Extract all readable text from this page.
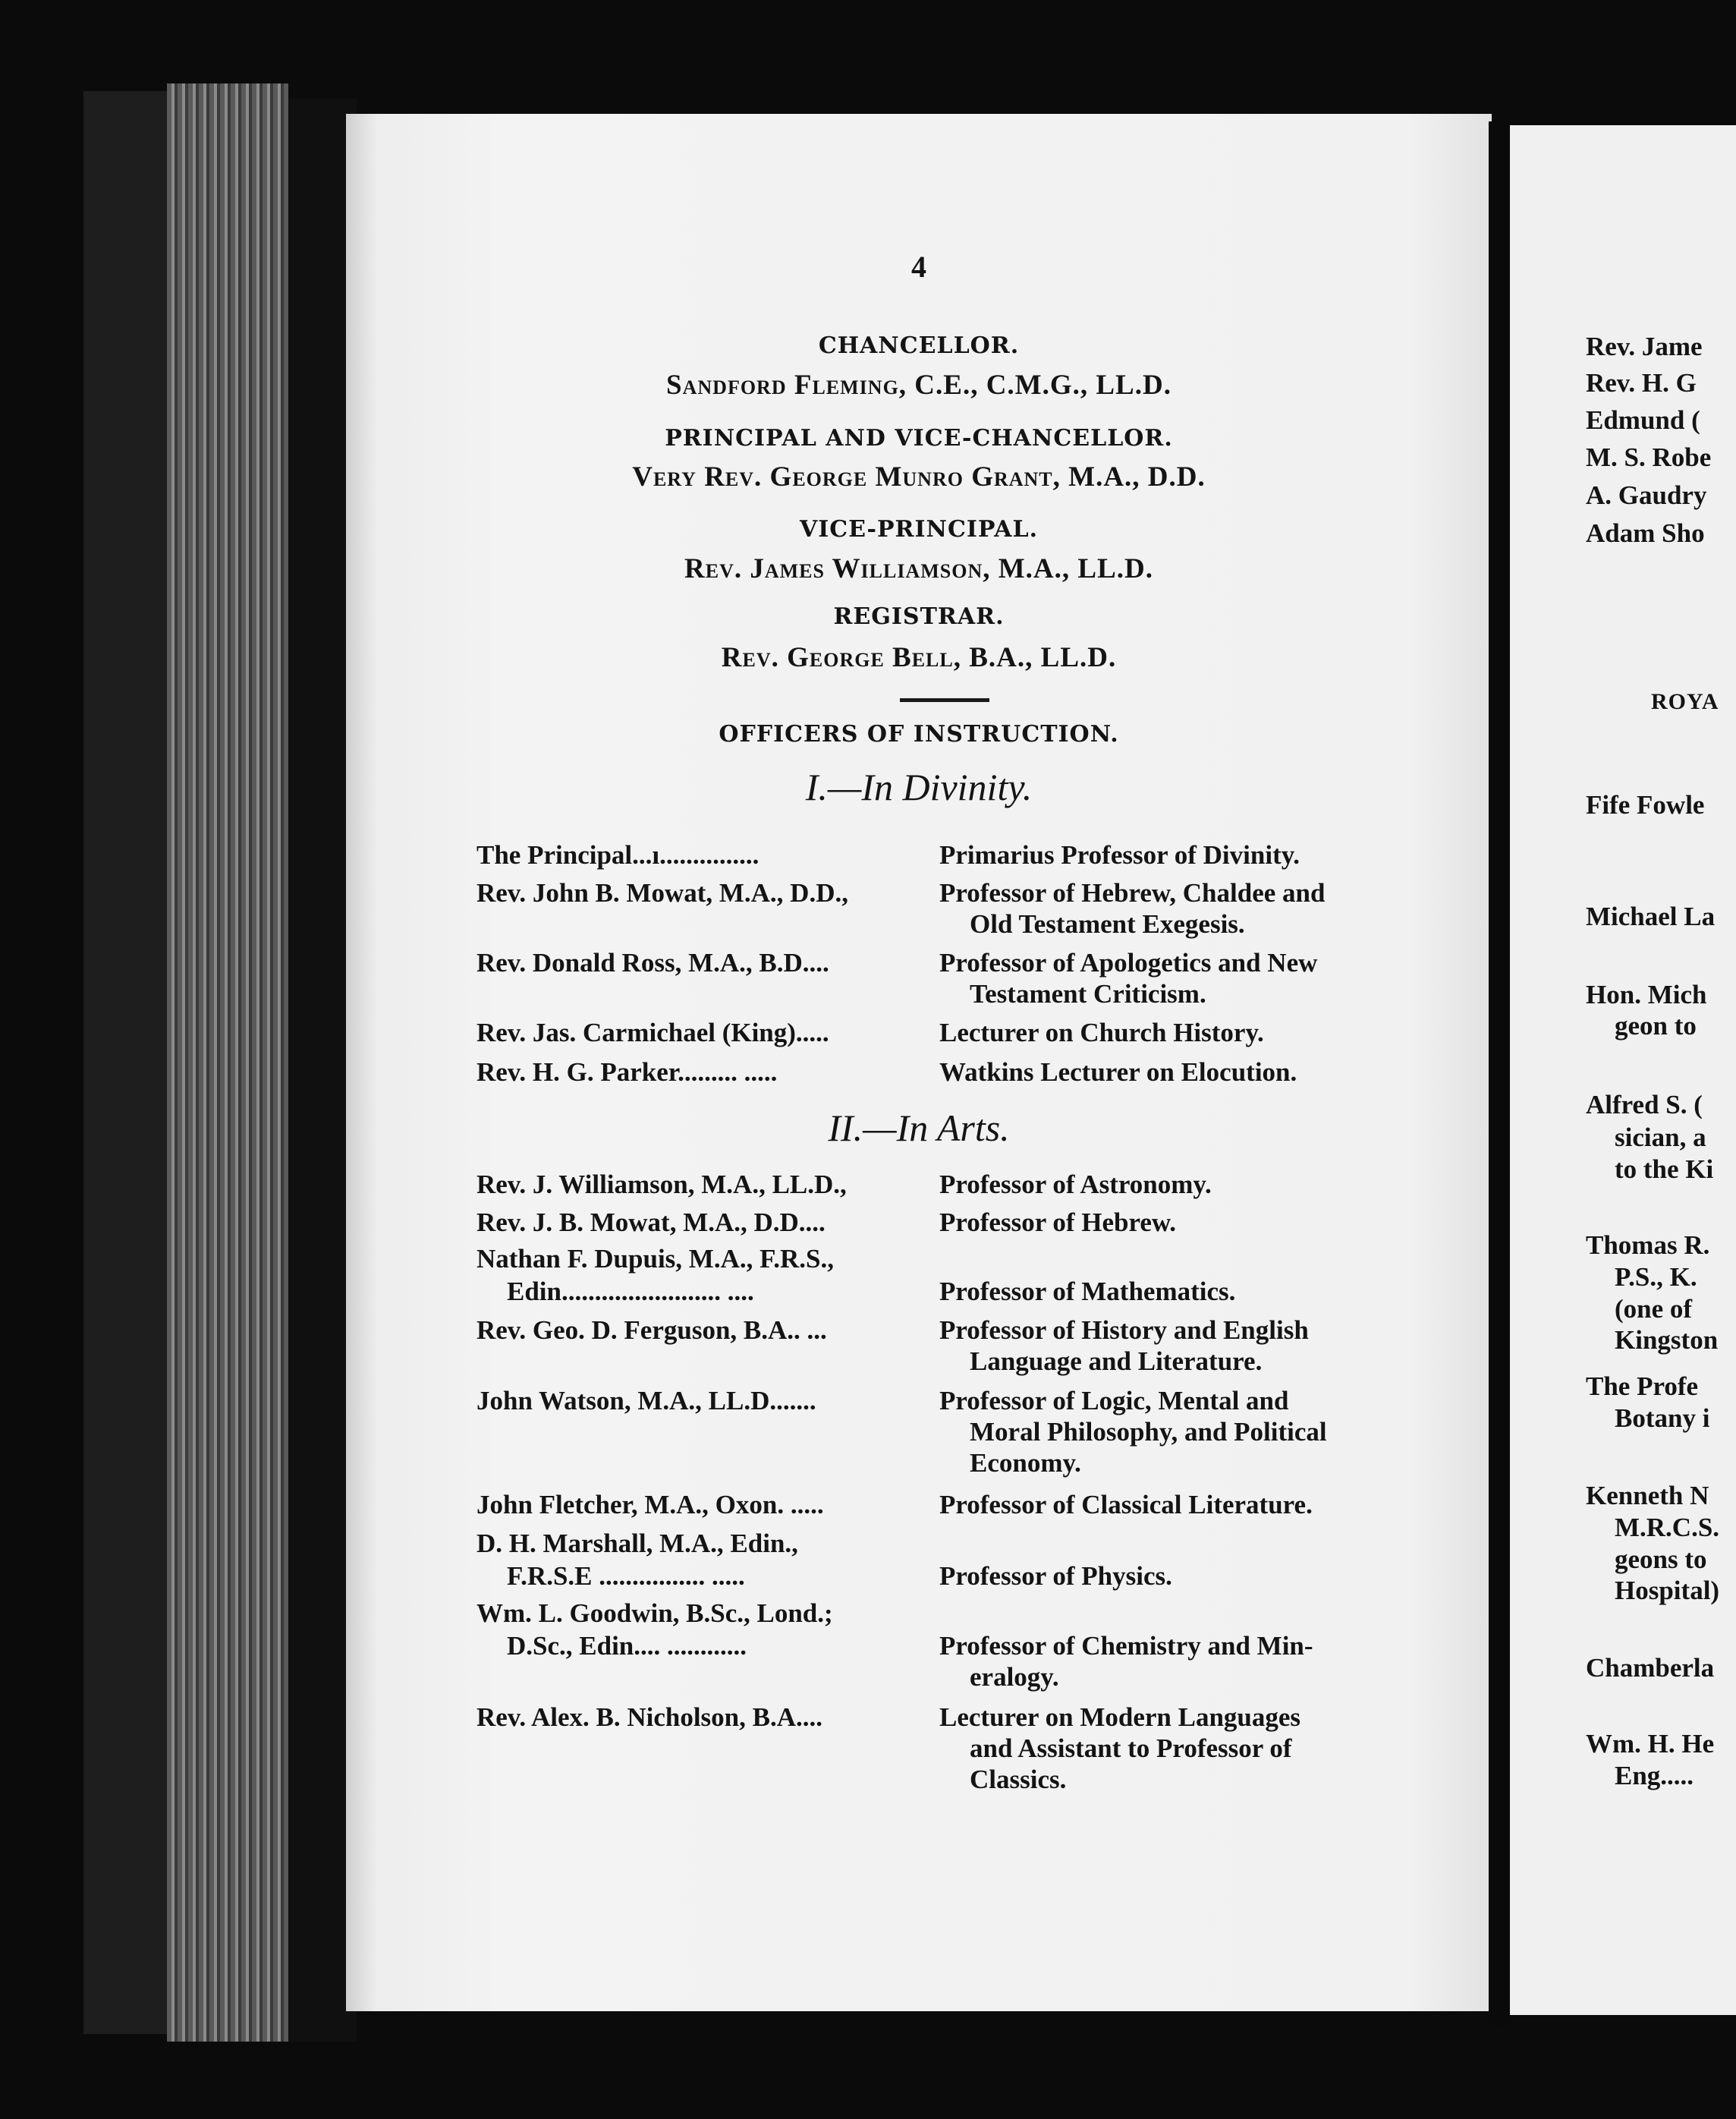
4
CHANCELLOR.
Sandford Fleming, C.E., C.M.G., LL.D.
PRINCIPAL AND VICE-CHANCELLOR.
Very Rev. George Munro Grant, M.A., D.D.
VICE-PRINCIPAL.
Rev. James Williamson, M.A., LL.D.
REGISTRAR.
Rev. George Bell, B.A., LL.D.
OFFICERS OF INSTRUCTION.
I.—In Divinity.
The Principal...ı...............	Primarius Professor of Divinity.
Rev. John B. Mowat, M.A., D.D.,	Professor of Hebrew, Chaldee and
Old Testament Exegesis.
Rev. Donald Ross, M.A., B.D....	Professor of Apologetics and New
Testament Criticism.
Rev. Jas. Carmichael (King).....	Lecturer on Church History.
Rev. H. G. Parker......... .....	Watkins Lecturer on Elocution.
II.—In Arts.
Rev. J. Williamson, M.A., LL.D.,	Professor of Astronomy.
Rev. J. B. Mowat, M.A., D.D....	Professor of Hebrew.
Nathan F. Dupuis, M.A., F.R.S.,
Edin........................ ....	Professor of Mathematics.
Rev. Geo. D. Ferguson, B.A.. ...	Professor of History and English
Language and Literature.
John Watson, M.A., LL.D.......	Professor of Logic, Mental and
Moral Philosophy, and Political
Economy.
John Fletcher, M.A., Oxon. .....	Professor of Classical Literature.
D. H. Marshall, M.A., Edin.,
F.R.S.E ................ .....	Professor of Physics.
Wm. L. Goodwin, B.Sc., Lond.;
D.Sc., Edin.... ............	Professor of Chemistry and Min-
eralogy.
Rev. Alex. B. Nicholson, B.A....	Lecturer on Modern Languages
and Assistant to Professor of
Classics.
Rev. Jame
Rev. H. G
Edmund (
M. S. Robe
A. Gaudry
Adam Sho
ROYA
Fife Fowle
Michael La
Hon. Mich
geon to
Alfred S. (
sician, a
to the Ki
Thomas R.
P.S., K.
(one of
Kingston
The Profe
Botany i
Kenneth N
M.R.C.S.
geons to
Hospital)
Chamberla
Wm. H. He
Eng.....
